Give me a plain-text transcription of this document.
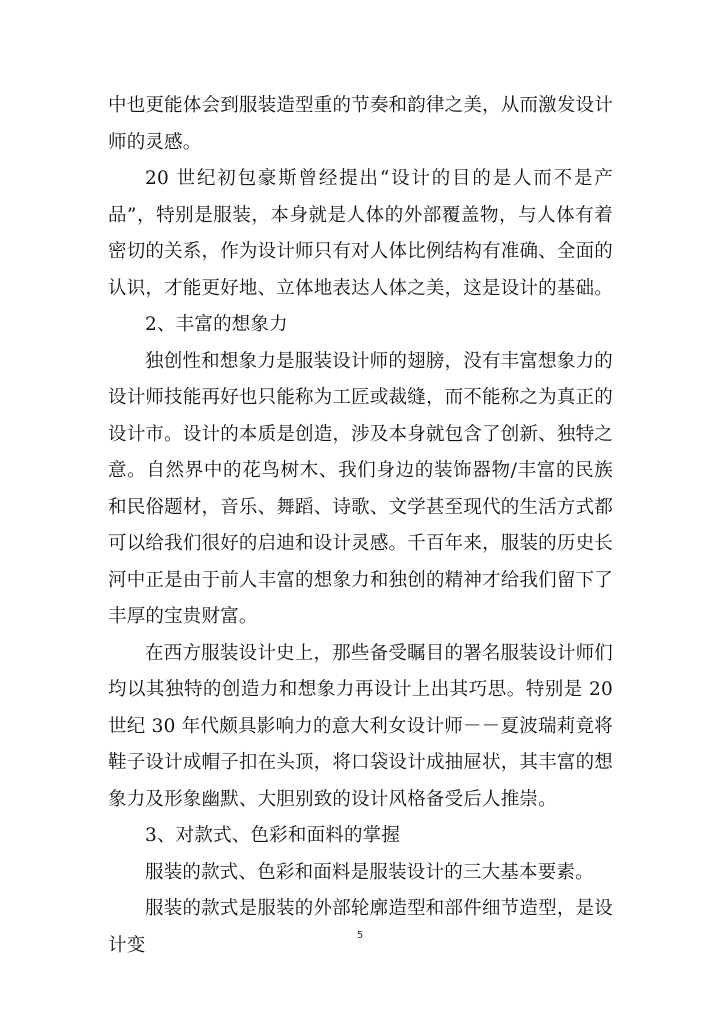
中也更能体会到服装造型重的节奏和韵律之美，从而激发设计师的灵感。

20 世纪初包豪斯曾经提出“设计的目的是人而不是产品”，特别是服装，本身就是人体的外部覆盖物，与人体有着密切的关系，作为设计师只有对人体比例结构有准确、全面的认识，才能更好地、立体地表达人体之美，这是设计的基础。

2、丰富的想象力

独创性和想象力是服装设计师的翅膀，没有丰富想象力的设计师技能再好也只能称为工匠或裁缝，而不能称之为真正的设计市。设计的本质是创造，涉及本身就包含了创新、独特之意。自然界中的花鸟树木、我们身边的装饰器物/丰富的民族和民俗题材，音乐、舞蹈、诗歌、文学甚至现代的生活方式都可以给我们很好的启迪和设计灵感。千百年来，服装的历史长河中正是由于前人丰富的想象力和独创的精神才给我们留下了丰厚的宝贵财富。

在西方服装设计史上，那些备受瞩目的署名服装设计师们均以其独特的创造力和想象力再设计上出其巧思。特别是 20 世纪 30 年代颇具影响力的意大利女设计师－－夏波瑞莉竟将鞋子设计成帽子扣在头顶，将口袋设计成抽屉状，其丰富的想象力及形象幽默、大胆别致的设计风格备受后人推崇。

3、对款式、色彩和面料的掌握

服装的款式、色彩和面料是服装设计的三大基本要素。

服装的款式是服装的外部轮廓造型和部件细节造型，是设计变	5
